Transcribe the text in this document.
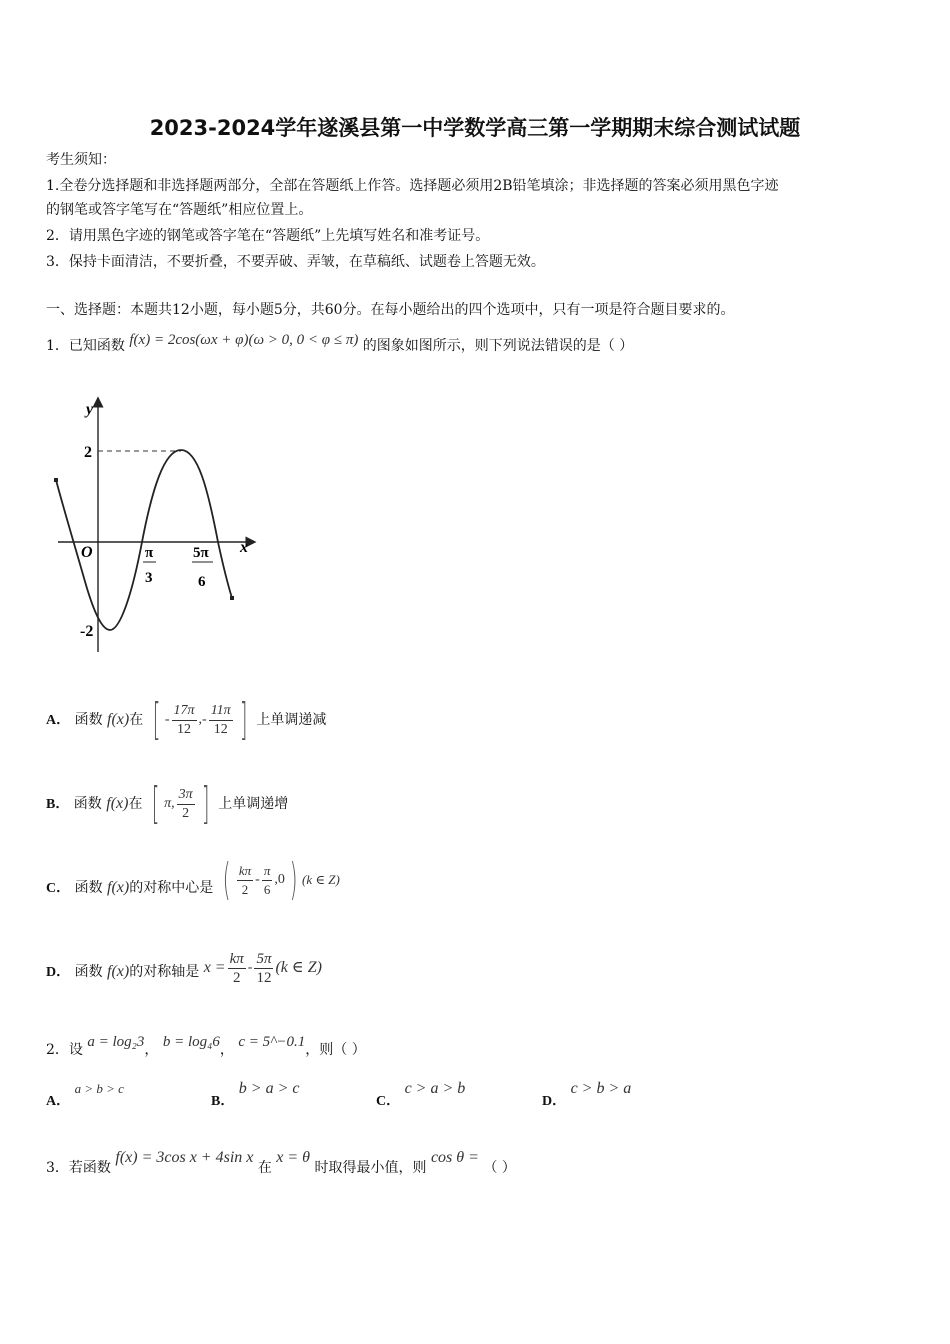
2023-2024学年遂溪县第一中学数学高三第一学期期末综合测试试题
考生须知：
1.全卷分选择题和非选择题两部分，全部在答题纸上作答。选择题必须用2B铅笔填涂；非选择题的答案必须用黑色字迹
的钢笔或答字笔写在“答题纸”相应位置上。
2．请用黑色字迹的钢笔或答字笔在“答题纸”上先填写姓名和准考证号。
3．保持卡面清洁，不要折叠，不要弄破、弄皱，在草稿纸、试题卷上答题无效。
一、选择题：本题共12小题，每小题5分，共60分。在每小题给出的四个选项中，只有一项是符合题目要求的。
1．已知函数 f(x) = 2cos(ωx + φ)(ω > 0, 0 < φ ≤ π) 的图象如图所示，则下列说法错误的是（ ）
y
x
O
2
-2
π
3
5π
6
A． 函数 f(x)在 [ - $\frac{17\pi}{12}$ ,- $\frac{11\pi}{12}$ ] 上单调递减
B． 函数 f(x)在 [ π, $\frac{3\pi}{2}$ ] 上单调递增
C． 函数 f(x)的对称中心是 ( $\frac{k\pi}{2} - \frac{\pi}{6} ,0$ ) (k ∈ Z)
D． 函数 f(x)的对称轴是 $x = \frac{k\pi}{2} - \frac{5\pi}{12} (k$ ∈ Z)
2．设 a = log₂3， b = log₄6， c = 5^−0.1，则（ ）
A． a > b > c
B． b > a > c
C． c > a > b
D． c > b > a
3．若函数 f(x) = 3cos x + 4sin x 在 x = θ 时取得最小值，则 cos θ = （ ）
